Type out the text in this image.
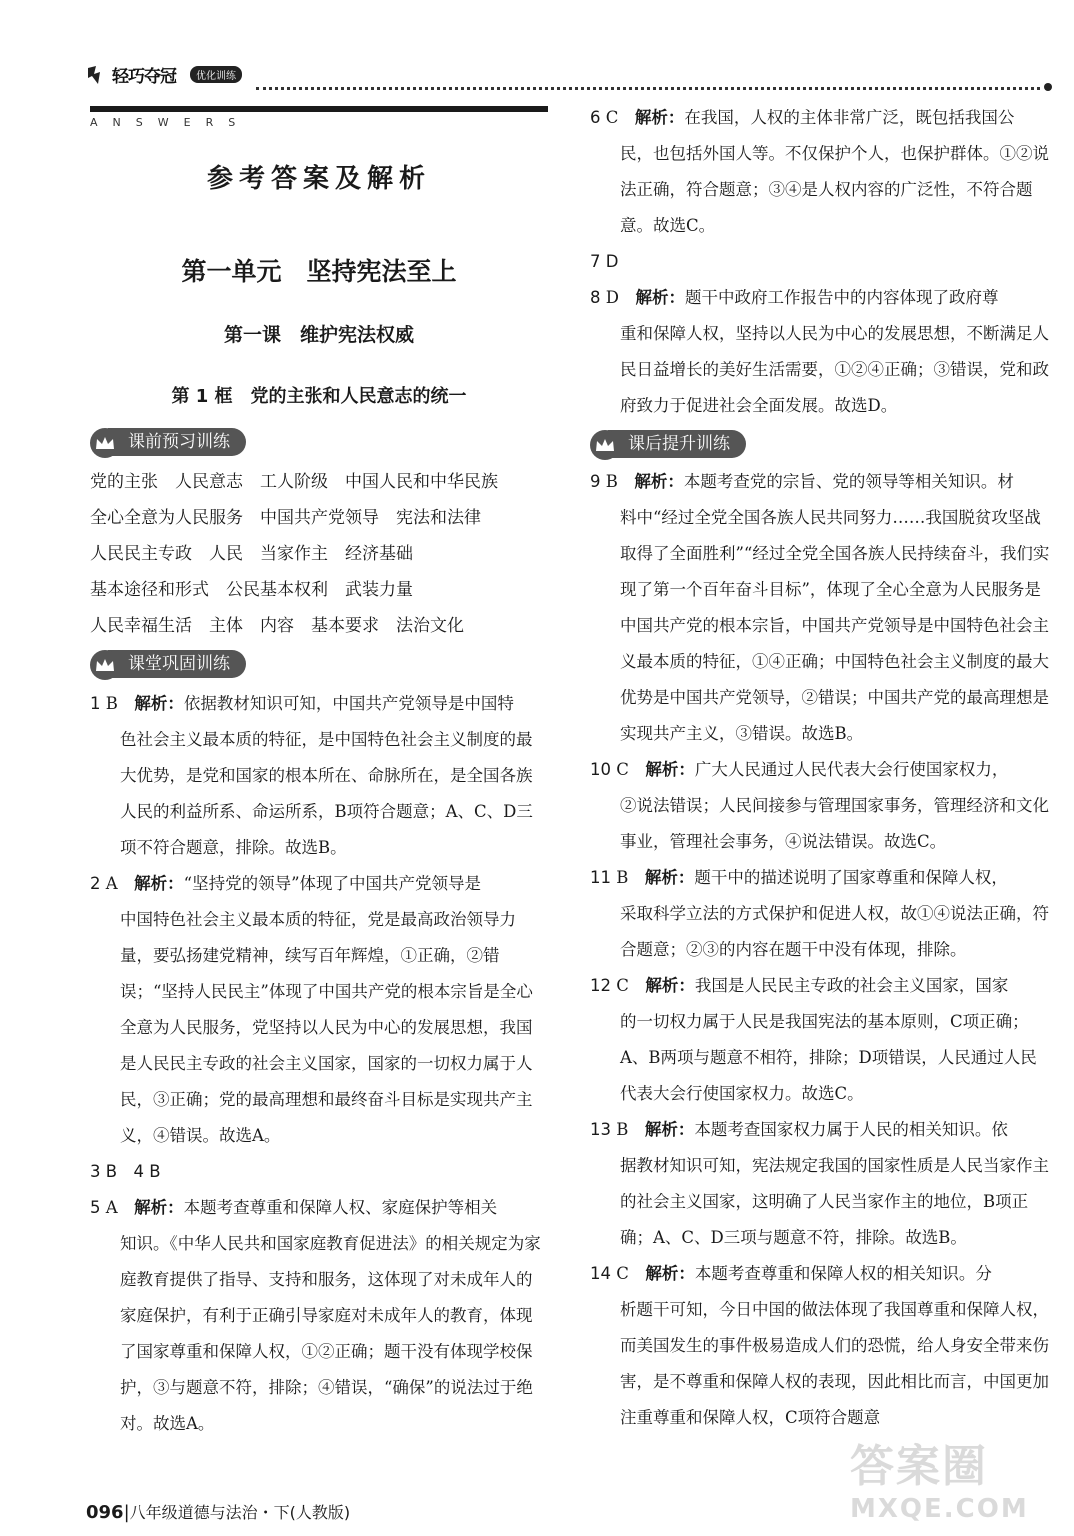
轻巧夺冠	优化训练
ANSWERS
参考答案及解析
第一单元　坚持宪法至上
第一课　维护宪法权威
第 1 框　党的主张和人民意志的统一
课前预习训练
党的主张　人民意志　工人阶级　中国人民和中华民族
全心全意为人民服务　中国共产党领导　宪法和法律
人民民主专政　人民　当家作主　经济基础
基本途径和形式　公民基本权利　武装力量
人民幸福生活　主体　内容　基本要求　法治文化
课堂巩固训练
1 B　 解析：依据教材知识可知，中国共产党领导是中国特
色社会主义最本质的特征，是中国特色社会主义制度的最大优势，是党和国家的根本所在、命脉所在，是全国各族人民的利益所系、命运所系，B项符合题意；A、C、D三项不符合题意，排除。故选B。
2 A　 解析：“坚持党的领导”体现了中国共产党领导是
中国特色社会主义最本质的特征，党是最高政治领导力量，要弘扬建党精神，续写百年辉煌，①正确，②错误；“坚持人民民主”体现了中国共产党的根本宗旨是全心全意为人民服务，党坚持以人民为中心的发展思想，我国是人民民主专政的社会主义国家，国家的一切权力属于人民，③正确；党的最高理想和最终奋斗目标是实现共产主义，④错误。故选A。
3 B　4 B
5 A　 解析：本题考查尊重和保障人权、家庭保护等相关
知识。《中华人民共和国家庭教育促进法》的相关规定为家庭教育提供了指导、支持和服务，这体现了对未成年人的家庭保护，有利于正确引导家庭对未成年人的教育，体现了国家尊重和保障人权，①②正确；题干没有体现学校保护，③与题意不符，排除；④错误，“确保”的说法过于绝对。故选A。
6 C　 解析：在我国，人权的主体非常广泛，既包括我国公
民，也包括外国人等。不仅保护个人，也保护群体。①②说法正确，符合题意；③④是人权内容的广泛性，不符合题意。故选C。
7 D
8 D　 解析：题干中政府工作报告中的内容体现了政府尊
重和保障人权，坚持以人民为中心的发展思想，不断满足人民日益增长的美好生活需要，①②④正确；③错误，党和政府致力于促进社会全面发展。故选D。
课后提升训练
9 B　 解析：本题考查党的宗旨、党的领导等相关知识。材
料中“经过全党全国各族人民共同努力……我国脱贫攻坚战取得了全面胜利”“经过全党全国各族人民持续奋斗，我们实现了第一个百年奋斗目标”，体现了全心全意为人民服务是中国共产党的根本宗旨，中国共产党领导是中国特色社会主义最本质的特征，①④正确；中国特色社会主义制度的最大优势是中国共产党领导，②错误；中国共产党的最高理想是实现共产主义，③错误。故选B。
10 C　 解析：广大人民通过人民代表大会行使国家权力，
②说法错误；人民间接参与管理国家事务，管理经济和文化事业，管理社会事务，④说法错误。故选C。
11 B　 解析：题干中的描述说明了国家尊重和保障人权，
采取科学立法的方式保护和促进人权，故①④说法正确，符合题意；②③的内容在题干中没有体现，排除。
12 C　 解析：我国是人民民主专政的社会主义国家，国家
的一切权力属于人民是我国宪法的基本原则，C项正确；A、B两项与题意不相符，排除；D项错误，人民通过人民代表大会行使国家权力。故选C。
13 B　 解析：本题考查国家权力属于人民的相关知识。依
据教材知识可知，宪法规定我国的国家性质是人民当家作主的社会主义国家，这明确了人民当家作主的地位，B项正确；A、C、D三项与题意不符，排除。故选B。
14 C　 解析：本题考查尊重和保障人权的相关知识。分
析题干可知，今日中国的做法体现了我国尊重和保障人权，而美国发生的事件极易造成人们的恐慌，给人身安全带来伤害，是不尊重和保障人权的表现，因此相比而言，中国更加注重尊重和保障人权，C项符合题意
096|八年级道德与法治・下(人教版)
答案圈
MXQE.COM
